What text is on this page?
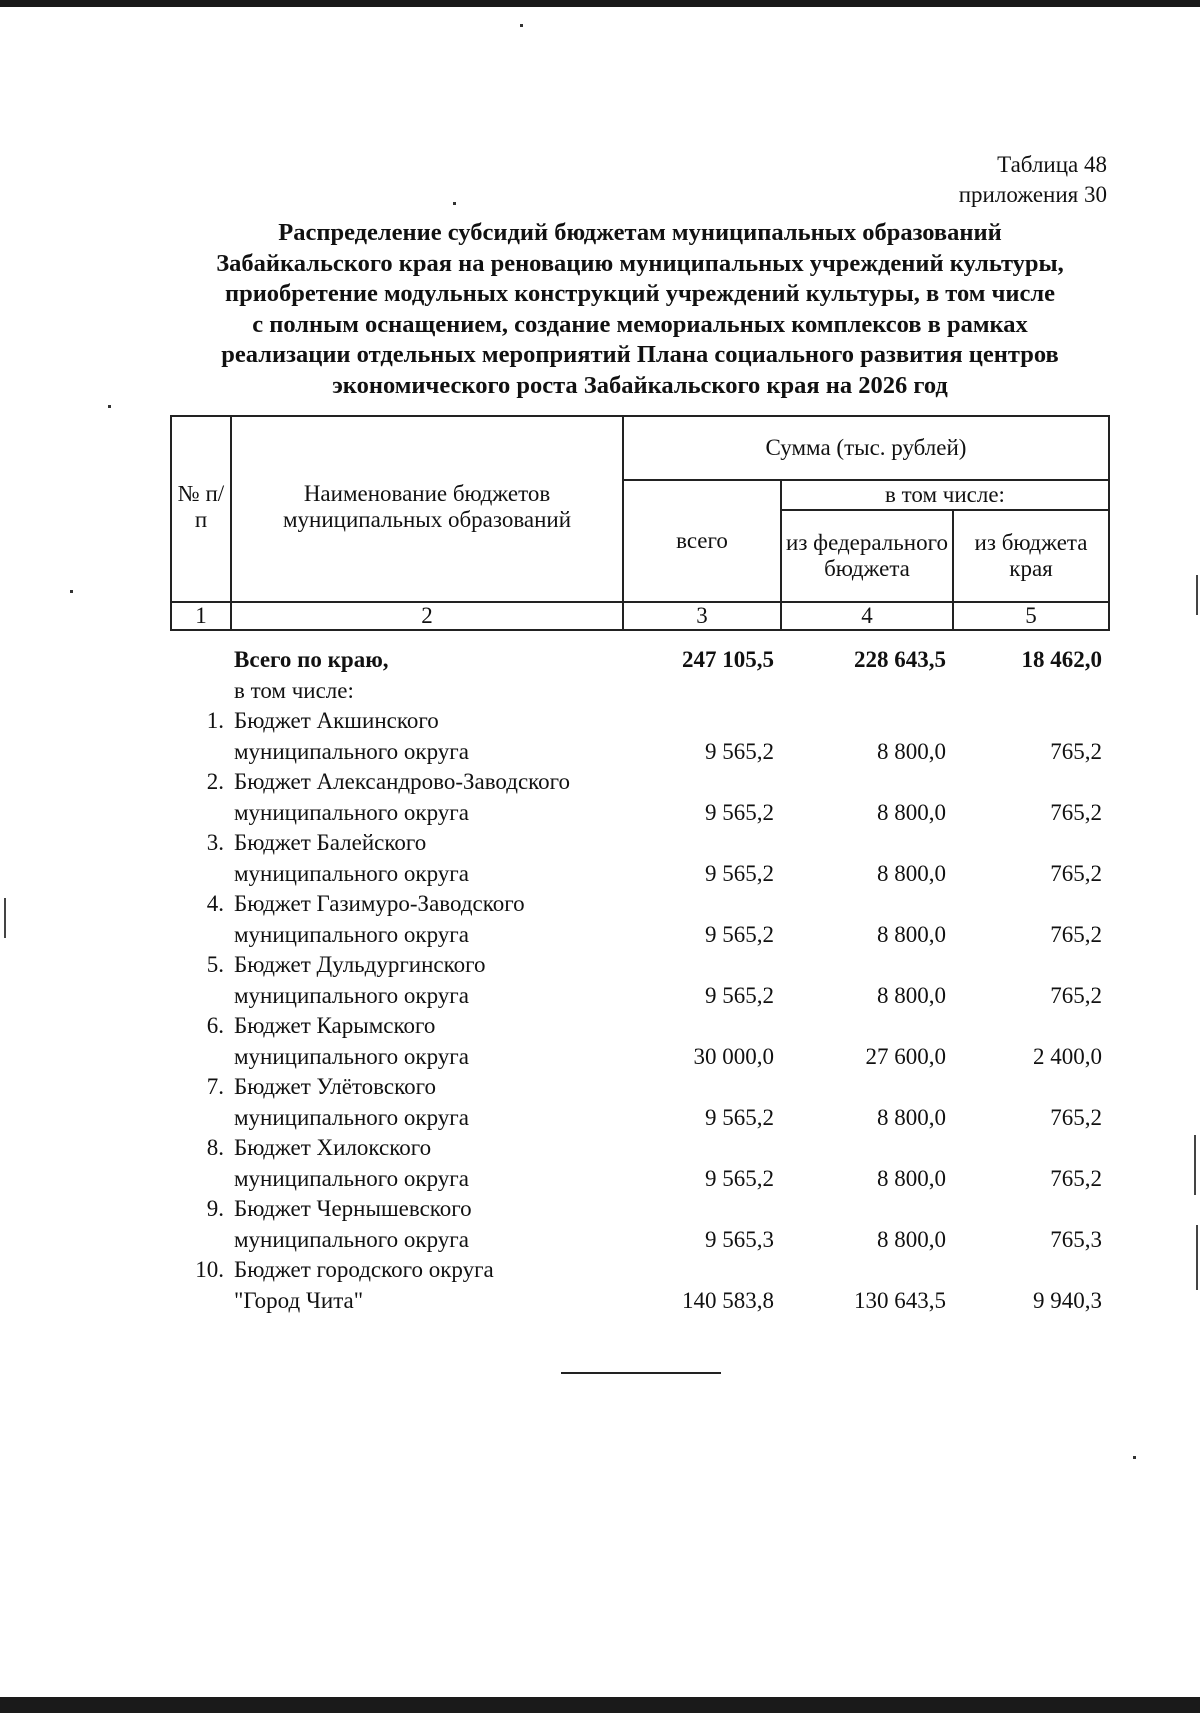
Таблица 48
приложения 30
Распределение субсидий бюджетам муниципальных образований
Забайкальского края на реновацию муниципальных учреждений культуры,
приобретение модульных конструкций учреждений культуры, в том числе
с полным оснащением, создание мемориальных комплексов в рамках
реализации отдельных мероприятий Плана социального развития центров
экономического роста Забайкальского края на 2026 год
№ п/п	Наименование бюджетов муниципальных образований	Сумма (тыс. рублей)		
		всего	в том числе:	
			из федерального бюджета	из бюджета края
1	2	3	4	5
	Всего по краю,	247 105,5	228 643,5	18 462,0
	в том числе:			
1.	Бюджет Акшинского			
	муниципального округа	9 565,2	8 800,0	765,2
2.	Бюджет Александрово-Заводского			
	муниципального округа	9 565,2	8 800,0	765,2
3.	Бюджет Балейского			
	муниципального округа	9 565,2	8 800,0	765,2
4.	Бюджет Газимуро-Заводского			
	муниципального округа	9 565,2	8 800,0	765,2
5.	Бюджет Дульдургинского			
	муниципального округа	9 565,2	8 800,0	765,2
6.	Бюджет Карымского			
	муниципального округа	30 000,0	27 600,0	2 400,0
7.	Бюджет Улётовского			
	муниципального округа	9 565,2	8 800,0	765,2
8.	Бюджет Хилокского			
	муниципального округа	9 565,2	8 800,0	765,2
9.	Бюджет Чернышевского			
	муниципального округа	9 565,3	8 800,0	765,3
10.	Бюджет городского округа			
	"Город Чита"	140 583,8	130 643,5	9 940,3
